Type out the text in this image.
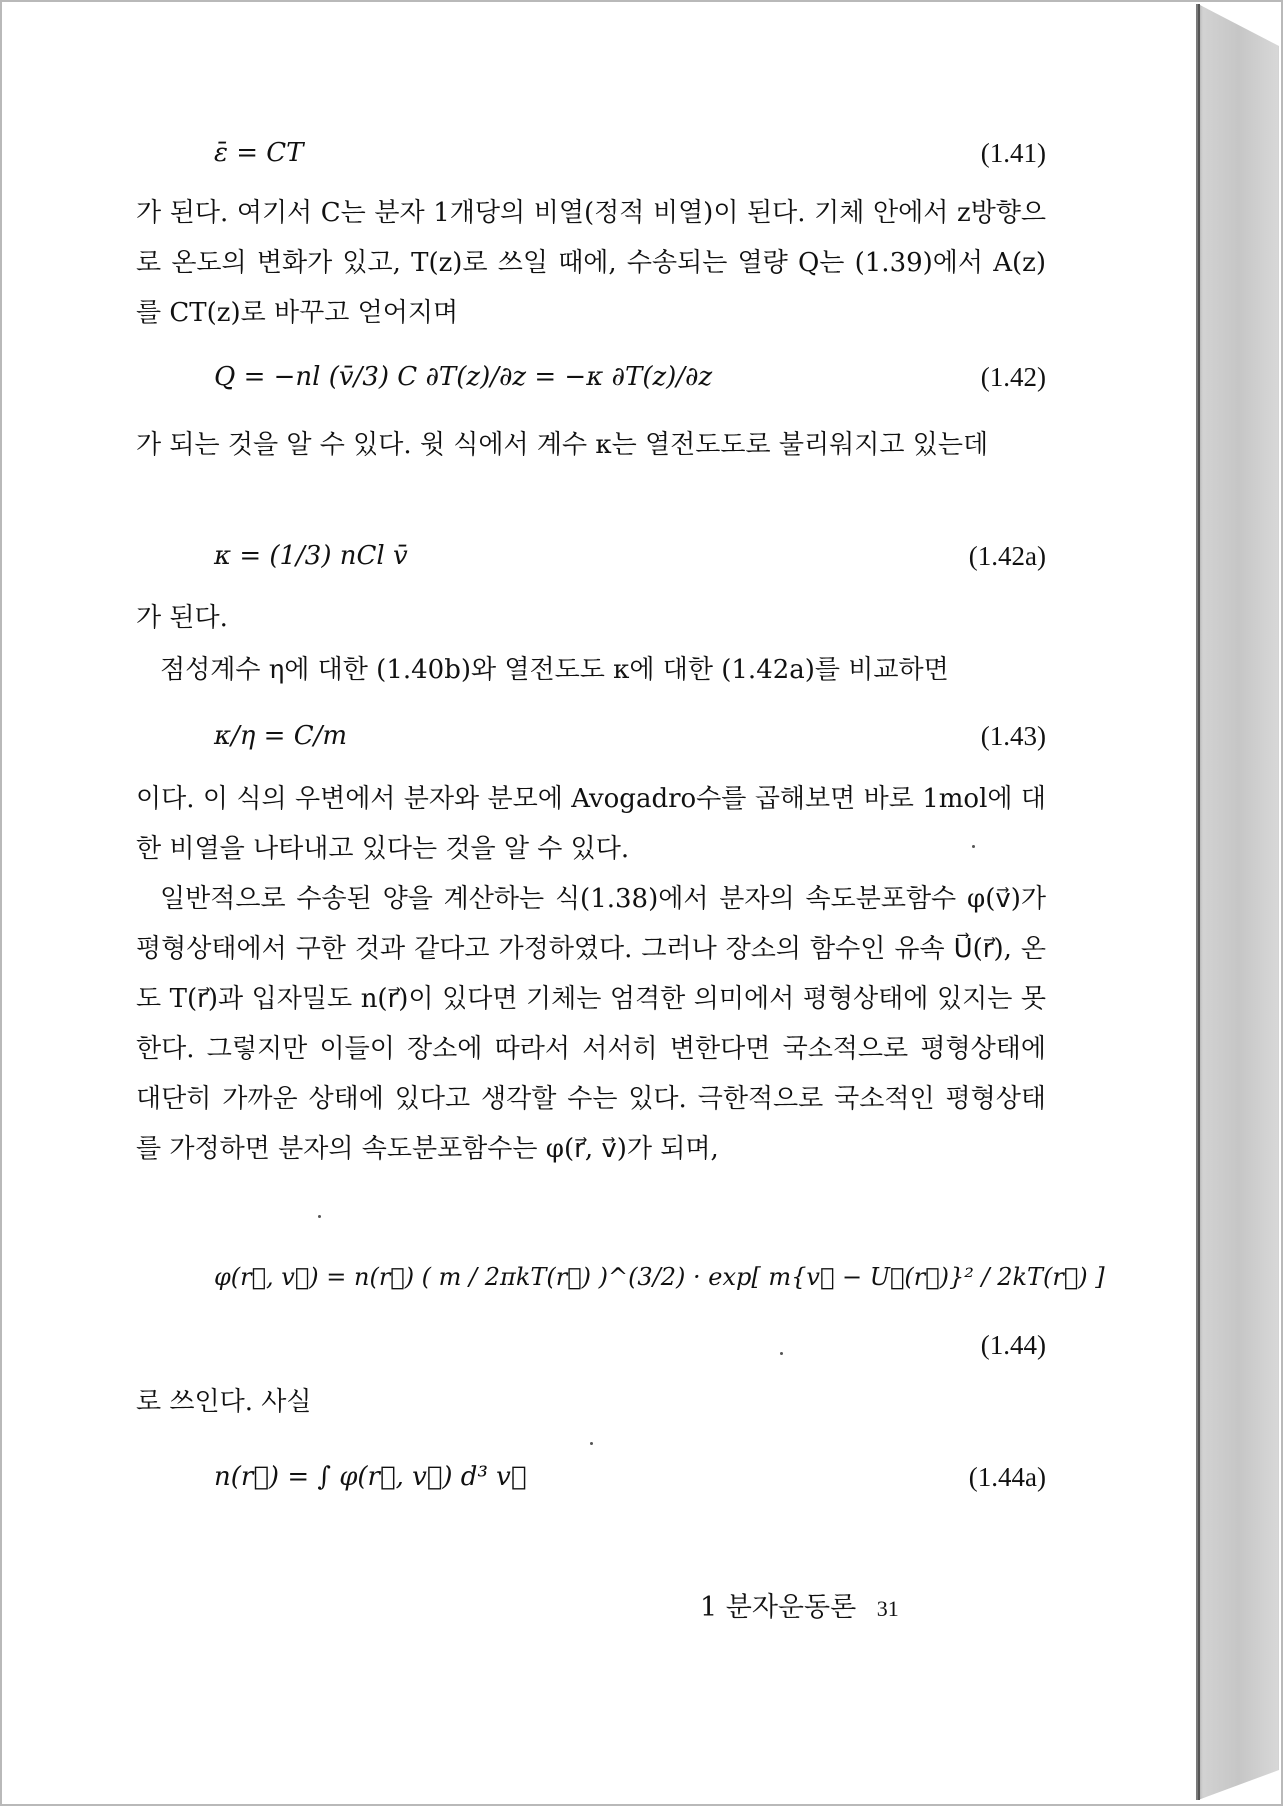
ε̄ = CT	(1.41)

가 된다. 여기서 C는 분자 1개당의 비열(정적 비열)이 된다. 기체 안에서 z방향으로 온도의 변화가 있고, T(z)로 쓰일 때에, 수송되는 열량 Q는 (1.39)에서 A(z)를 CT(z)로 바꾸고 얻어지며

Q = −nl (v̄/3) C ∂T(z)/∂z = −κ ∂T(z)/∂z	(1.42)

가 되는 것을 알 수 있다. 윗 식에서 계수 κ는 열전도도로 불리워지고 있는데

κ = (1/3) nCl v̄	(1.42a)

가 된다.

점성계수 η에 대한 (1.40b)와 열전도도 κ에 대한 (1.42a)를 비교하면

κ/η = C/m	(1.43)

이다. 이 식의 우변에서 분자와 분모에 Avogadro수를 곱해보면 바로 1mol에 대한 비열을 나타내고 있다는 것을 알 수 있다.

일반적으로 수송된 양을 계산하는 식(1.38)에서 분자의 속도분포함수 φ(v⃗)가 평형상태에서 구한 것과 같다고 가정하였다. 그러나 장소의 함수인 유속 U⃗(r⃗), 온도 T(r⃗)과 입자밀도 n(r⃗)이 있다면 기체는 엄격한 의미에서 평형상태에 있지는 못한다. 그렇지만 이들이 장소에 따라서 서서히 변한다면 국소적으로 평형상태에 대단히 가까운 상태에 있다고 생각할 수는 있다. 극한적으로 국소적인 평형상태를 가정하면 분자의 속도분포함수는 φ(r⃗, v⃗)가 되며,

φ(r⃗, v⃗) = n(r⃗) ( m / 2πkT(r⃗) )^(3/2) · exp[ m{v⃗ − U⃗(r⃗)}² / 2kT(r⃗) ]
(1.44)

로 쓰인다. 사실

n(r⃗) = ∫ φ(r⃗, v⃗) d³ v⃗	(1.44a)
1 분자운동론 31
